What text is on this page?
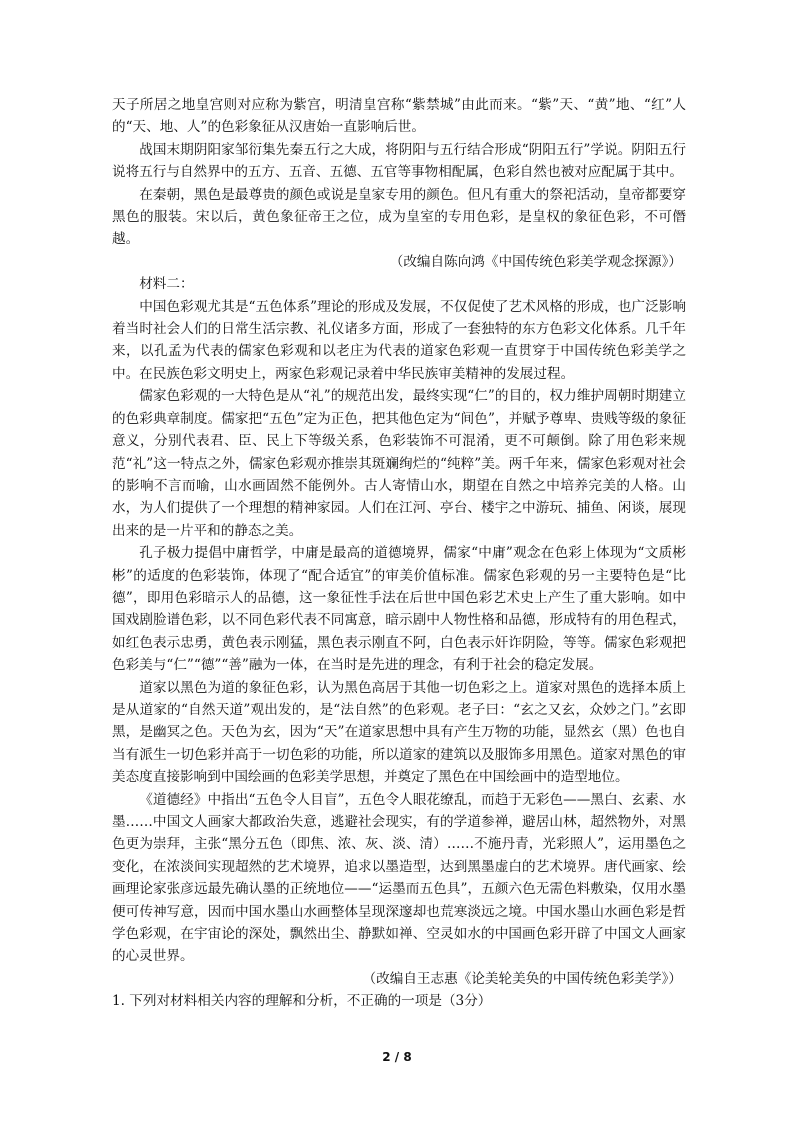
天子所居之地皇宫则对应称为紫宫，明清皇宫称“紫禁城”由此而来。“紫”天、“黄”地、“红”人的“天、地、人”的色彩象征从汉唐始一直影响后世。

战国末期阴阳家邹衍集先秦五行之大成，将阴阳与五行结合形成“阴阳五行”学说。阴阳五行说将五行与自然界中的五方、五音、五德、五官等事物相配属，色彩自然也被对应配属于其中。

在秦朝，黑色是最尊贵的颜色或说是皇家专用的颜色。但凡有重大的祭祀活动，皇帝都要穿黑色的服装。宋以后，黄色象征帝王之位，成为皇室的专用色彩，是皇权的象征色彩，不可僭越。

（改编自陈向鸿《中国传统色彩美学观念探源》）

材料二：

中国色彩观尤其是“五色体系”理论的形成及发展，不仅促使了艺术风格的形成，也广泛影响着当时社会人们的日常生活宗教、礼仪诸多方面，形成了一套独特的东方色彩文化体系。几千年来，以孔孟为代表的儒家色彩观和以老庄为代表的道家色彩观一直贯穿于中国传统色彩美学之中。在民族色彩文明史上，两家色彩观记录着中华民族审美精神的发展过程。

儒家色彩观的一大特色是从“礼”的规范出发，最终实现“仁”的目的，权力维护周朝时期建立的色彩典章制度。儒家把“五色”定为正色，把其他色定为“间色”，并赋予尊卑、贵贱等级的象征意义，分别代表君、臣、民上下等级关系，色彩装饰不可混淆，更不可颠倒。除了用色彩来规范“礼”这一特点之外，儒家色彩观亦推崇其斑斓绚烂的“纯粹”美。两千年来，儒家色彩观对社会的影响不言而喻，山水画固然不能例外。古人寄情山水，期望在自然之中培养完美的人格。山水，为人们提供了一个理想的精神家园。人们在江河、亭台、楼宇之中游玩、捕鱼、闲谈，展现出来的是一片平和的静态之美。

孔子极力提倡中庸哲学，中庸是最高的道德境界，儒家“中庸”观念在色彩上体现为“文质彬彬”的适度的色彩装饰，体现了“配合适宜”的审美价值标准。儒家色彩观的另一主要特色是“比德”，即用色彩暗示人的品德，这一象征性手法在后世中国色彩艺术史上产生了重大影响。如中国戏剧脸谱色彩，以不同色彩代表不同寓意，暗示剧中人物性格和品德，形成特有的用色程式，如红色表示忠勇，黄色表示刚猛，黑色表示刚直不阿，白色表示奸诈阴险，等等。儒家色彩观把色彩美与“仁”“德”“善”融为一体，在当时是先进的理念，有利于社会的稳定发展。

道家以黑色为道的象征色彩，认为黑色高居于其他一切色彩之上。道家对黑色的选择本质上是从道家的“自然天道”观出发的，是“法自然”的色彩观。老子曰：“玄之又玄，众妙之门。”玄即黑，是幽冥之色。天色为玄，因为“天”在道家思想中具有产生万物的功能，显然玄（黑）色也自当有派生一切色彩并高于一切色彩的功能，所以道家的建筑以及服饰多用黑色。道家对黑色的审美态度直接影响到中国绘画的色彩美学思想，并奠定了黑色在中国绘画中的造型地位。

《道德经》中指出“五色令人目盲”，五色令人眼花缭乱，而趋于无彩色——黑白、玄素、水墨……中国文人画家大都政治失意，逃避社会现实，有的学道参禅，避居山林，超然物外，对黑色更为崇拜，主张“黑分五色（即焦、浓、灰、淡、清）……不施丹青，光彩照人”，运用墨色之变化，在浓淡间实现超然的艺术境界，追求以墨造型，达到黑墨虚白的艺术境界。唐代画家、绘画理论家张彦远最先确认墨的正统地位——“运墨而五色具”，五颜六色无需色料敷染，仅用水墨便可传神写意，因而中国水墨山水画整体呈现深邃却也荒寒淡远之境。中国水墨山水画色彩是哲学色彩观，在宇宙论的深处，飘然出尘、静默如禅、空灵如水的中国画色彩开辟了中国文人画家的心灵世界。

（改编自王志惠《论美轮美奂的中国传统色彩美学》）

1. 下列对材料相关内容的理解和分析，不正确的一项是（3分）

2 / 8
